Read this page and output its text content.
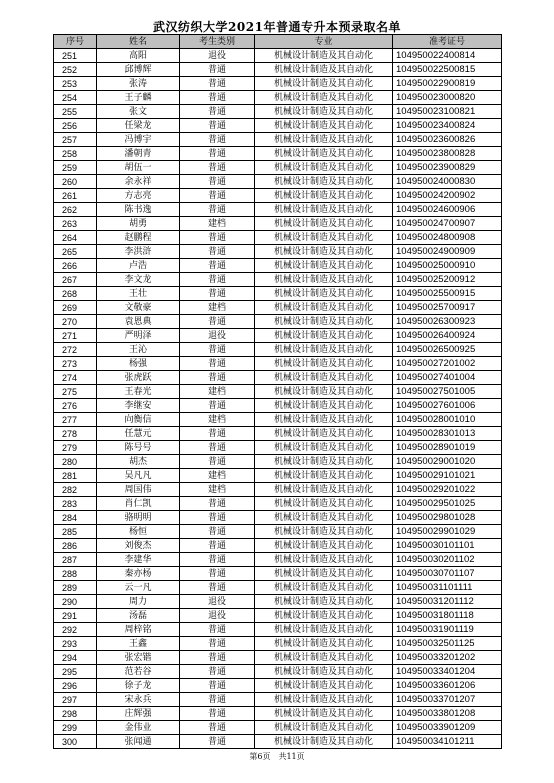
武汉纺织大学2021年普通专升本预录取名单
序号	姓名	考生类别	专业	准考证号
251	高阳	退役	机械设计制造及其自动化	104950022400814
252	邱博辉	普通	机械设计制造及其自动化	104950022500815
253	张涛	普通	机械设计制造及其自动化	104950022900819
254	王子麟	普通	机械设计制造及其自动化	104950023000820
255	张文	普通	机械设计制造及其自动化	104950023100821
256	任梁龙	普通	机械设计制造及其自动化	104950023400824
257	冯博宇	普通	机械设计制造及其自动化	104950023600826
258	潘朝青	普通	机械设计制造及其自动化	104950023800828
259	胡伍一	普通	机械设计制造及其自动化	104950023900829
260	余永祥	普通	机械设计制造及其自动化	104950024000830
261	方志亮	普通	机械设计制造及其自动化	104950024200902
262	陈书逸	普通	机械设计制造及其自动化	104950024600906
263	胡勇	建档	机械设计制造及其自动化	104950024700907
264	赵鹏程	普通	机械设计制造及其自动化	104950024800908
265	李洪浒	普通	机械设计制造及其自动化	104950024900909
266	卢浩	普通	机械设计制造及其自动化	104950025000910
267	李文龙	普通	机械设计制造及其自动化	104950025200912
268	王壮	普通	机械设计制造及其自动化	104950025500915
269	文敬豪	建档	机械设计制造及其自动化	104950025700917
270	袁恩典	普通	机械设计制造及其自动化	104950026300923
271	严明泽	退役	机械设计制造及其自动化	104950026400924
272	王沁	普通	机械设计制造及其自动化	104950026500925
273	杨强	普通	机械设计制造及其自动化	104950027201002
274	张虎跃	普通	机械设计制造及其自动化	104950027401004
275	王春光	建档	机械设计制造及其自动化	104950027501005
276	李继安	普通	机械设计制造及其自动化	104950027601006
277	向衡信	建档	机械设计制造及其自动化	104950028001010
278	任慧元	普通	机械设计制造及其自动化	104950028301013
279	陈号号	普通	机械设计制造及其自动化	104950028901019
280	胡杰	普通	机械设计制造及其自动化	104950029001020
281	吴凡凡	建档	机械设计制造及其自动化	104950029101021
282	周国伟	建档	机械设计制造及其自动化	104950029201022
283	肖仁凯	普通	机械设计制造及其自动化	104950029501025
284	骆明明	普通	机械设计制造及其自动化	104950029801028
285	杨恒	普通	机械设计制造及其自动化	104950029901029
286	刘俊杰	普通	机械设计制造及其自动化	104950030101101
287	李建华	普通	机械设计制造及其自动化	104950030201102
288	秦亦杨	普通	机械设计制造及其自动化	104950030701107
289	云一凡	普通	机械设计制造及其自动化	104950031101111
290	周力	退役	机械设计制造及其自动化	104950031201112
291	汤磊	退役	机械设计制造及其自动化	104950031801118
292	周梓铭	普通	机械设计制造及其自动化	104950031901119
293	王鑫	普通	机械设计制造及其自动化	104950032501125
294	张宏锴	普通	机械设计制造及其自动化	104950033201202
295	范若谷	普通	机械设计制造及其自动化	104950033401204
296	徐子龙	普通	机械设计制造及其自动化	104950033601206
297	宋永兵	普通	机械设计制造及其自动化	104950033701207
298	庄辉强	普通	机械设计制造及其自动化	104950033801208
299	金伟业	普通	机械设计制造及其自动化	104950033901209
300	张闻通	普通	机械设计制造及其自动化	104950034101211
第6页　共11页
